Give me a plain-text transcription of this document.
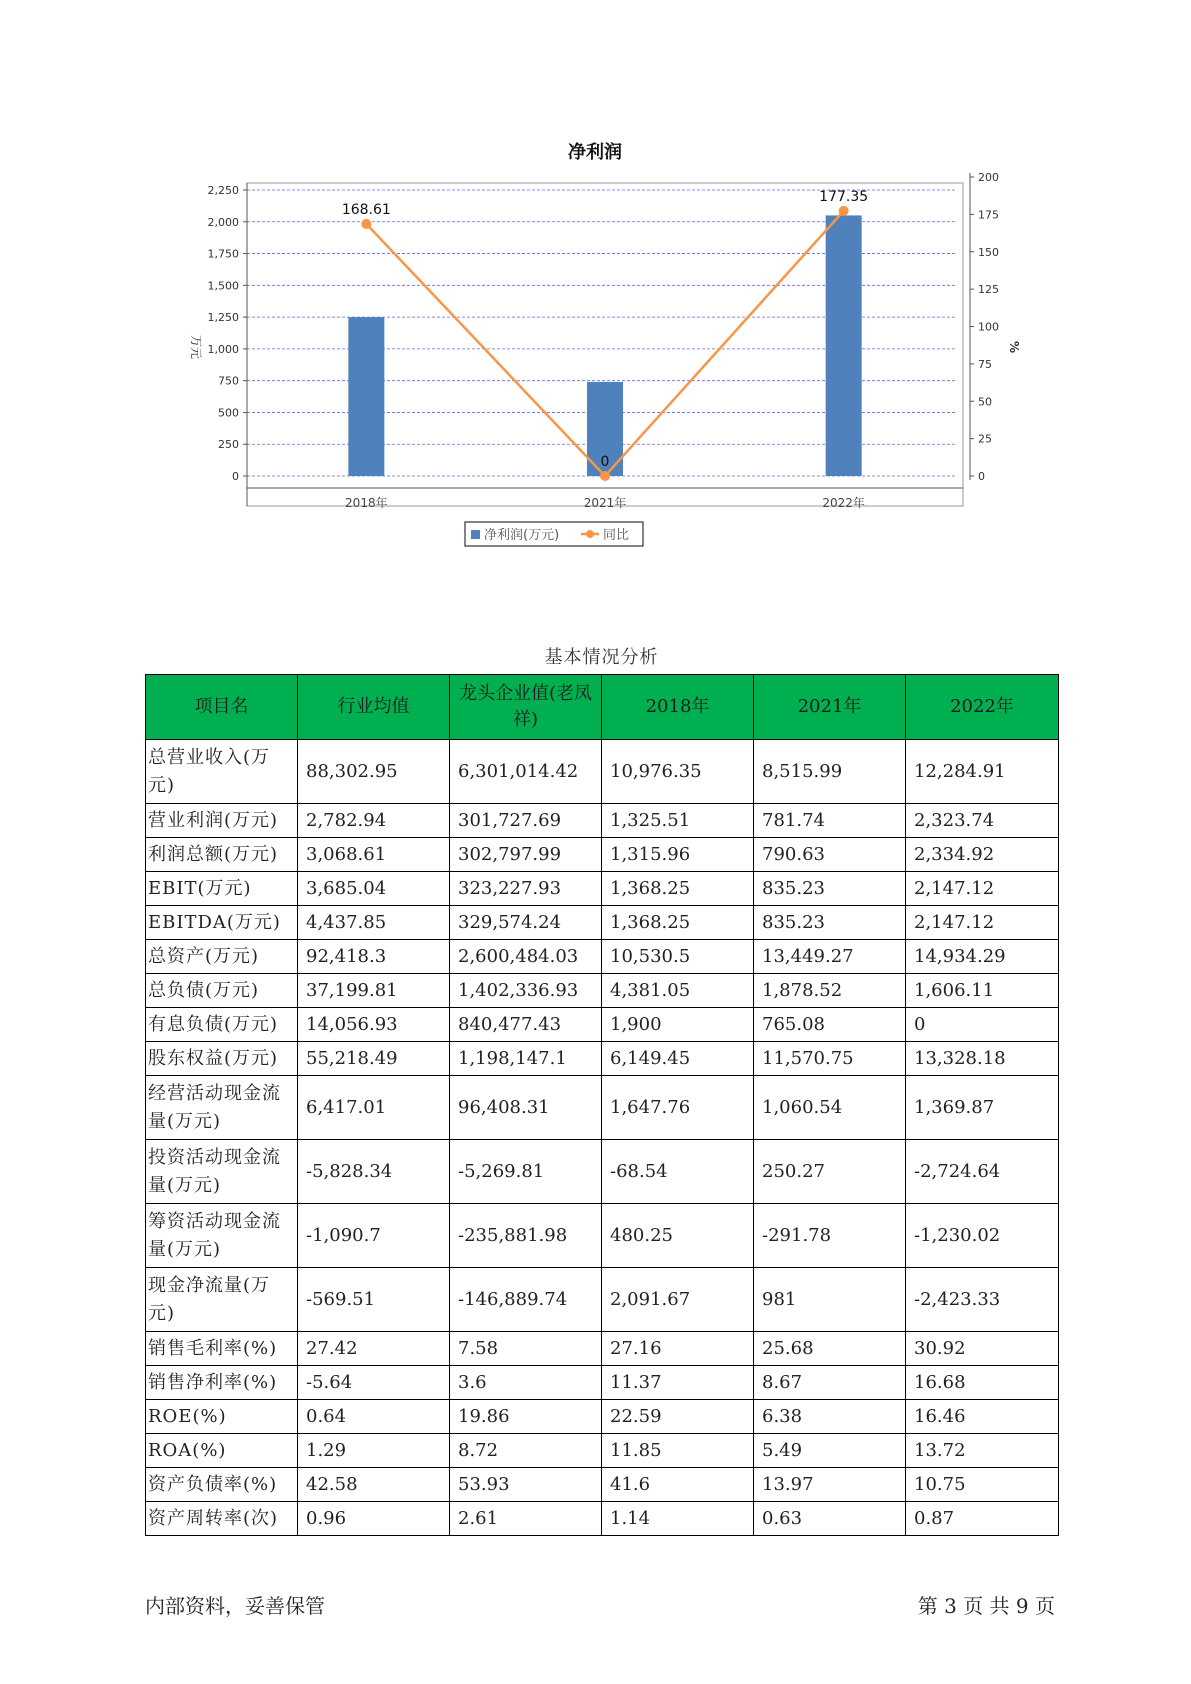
净利润
0
250
500
750
1,000
1,250
1,500
1,750
2,000
2,250
0
25
50
75
100
125
150
175
200
168.61
0
177.35
2018年	2021年	2022年
万元	%
净利润(万元)	同比
基本情况分析
项目名	行业均值	龙头企业值(老凤祥)	2018年	2021年	2022年
总营业收入(万元)	88,302.95	6,301,014.42	10,976.35	8,515.99	12,284.91
营业利润(万元)	2,782.94	301,727.69	1,325.51	781.74	2,323.74
利润总额(万元)	3,068.61	302,797.99	1,315.96	790.63	2,334.92
EBIT(万元)	3,685.04	323,227.93	1,368.25	835.23	2,147.12
EBITDA(万元)	4,437.85	329,574.24	1,368.25	835.23	2,147.12
总资产(万元)	92,418.3	2,600,484.03	10,530.5	13,449.27	14,934.29
总负债(万元)	37,199.81	1,402,336.93	4,381.05	1,878.52	1,606.11
有息负债(万元)	14,056.93	840,477.43	1,900	765.08	0
股东权益(万元)	55,218.49	1,198,147.1	6,149.45	11,570.75	13,328.18
经营活动现金流量(万元)	6,417.01	96,408.31	1,647.76	1,060.54	1,369.87
投资活动现金流量(万元)	-5,828.34	-5,269.81	-68.54	250.27	-2,724.64
筹资活动现金流量(万元)	-1,090.7	-235,881.98	480.25	-291.78	-1,230.02
现金净流量(万元)	-569.51	-146,889.74	2,091.67	981	-2,423.33
销售毛利率(%)	27.42	7.58	27.16	25.68	30.92
销售净利率(%)	-5.64	3.6	11.37	8.67	16.68
ROE(%)	0.64	19.86	22.59	6.38	16.46
ROA(%)	1.29	8.72	11.85	5.49	13.72
资产负债率(%)	42.58	53.93	41.6	13.97	10.75
资产周转率(次)	0.96	2.61	1.14	0.63	0.87
内部资料，妥善保管	第 3 页 共 9 页
